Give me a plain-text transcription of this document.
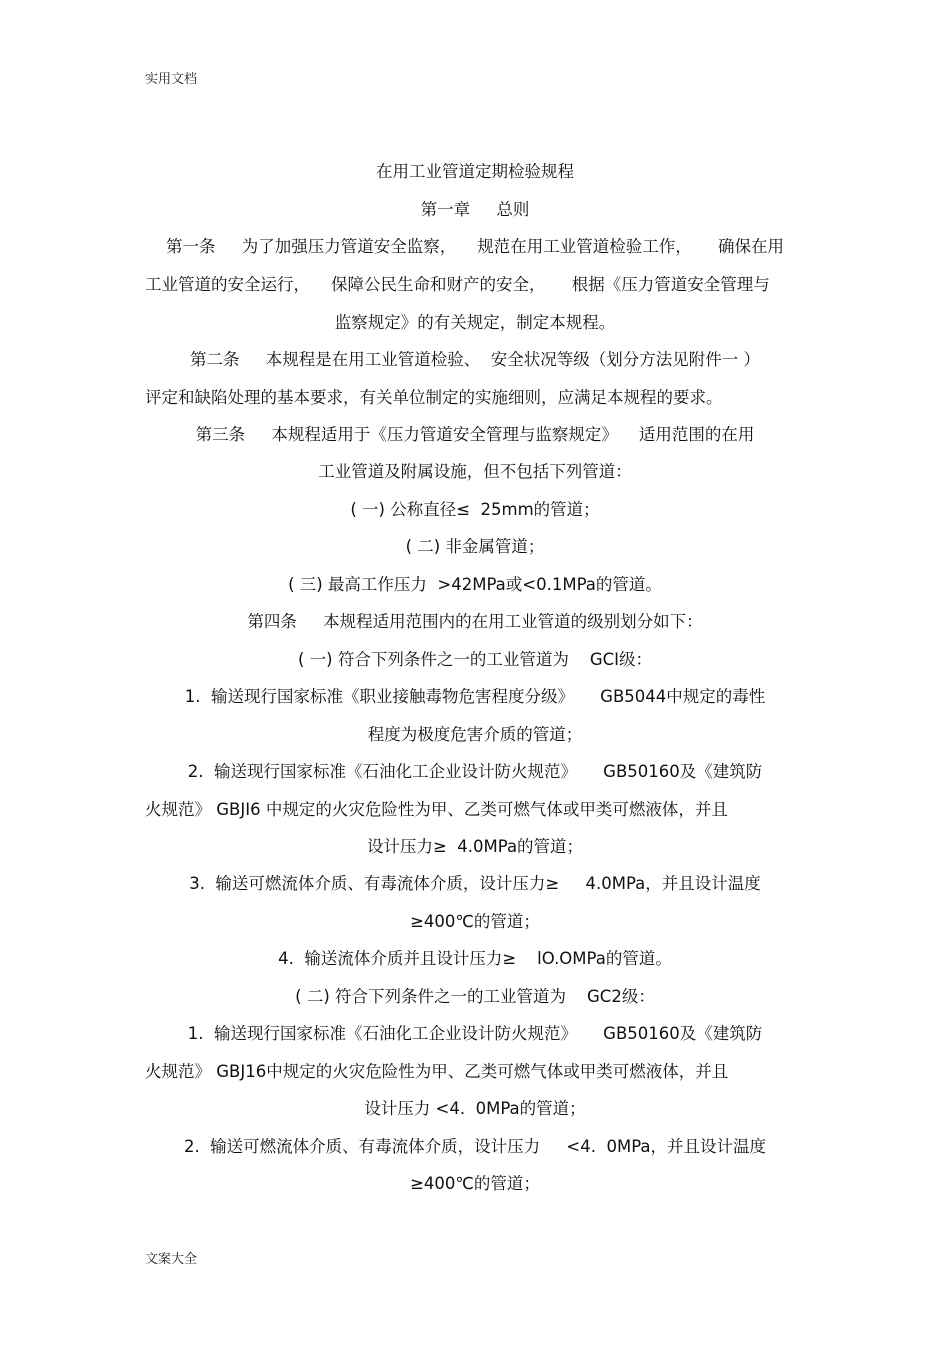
实用文档
在用工业管道定期检验规程
第一章     总则
第一条     为了加强压力管道安全监察，    规范在用工业管道检验工作，     确保在用
工业管道的安全运行，    保障公民生命和财产的安全，     根据《压力管道安全管理与
监察规定》的有关规定，制定本规程。
第二条     本规程是在用工业管道检验、  安全状况等级（划分方法见附件一 ）
评定和缺陷处理的基本要求，有关单位制定的实施细则，应满足本规程的要求。
第三条     本规程适用于《压力管道安全管理与监察规定》    适用范围的在用
工业管道及附属设施，但不包括下列管道：
( 一) 公称直径≤  25mm的管道；
( 二) 非金属管道；
( 三) 最高工作压力  >42MPa或<0.1MPa的管道。
第四条     本规程适用范围内的在用工业管道的级别划分如下：
( 一) 符合下列条件之一的工业管道为    GCI级：
1.  输送现行国家标准《职业接触毒物危害程度分级》     GB5044中规定的毒性
程度为极度危害介质的管道；
2.  输送现行国家标准《石油化工企业设计防火规范》     GB50160及《建筑防
火规范》 GBJI6 中规定的火灾危险性为甲、乙类可燃气体或甲类可燃液体，并且
设计压力≥  4.0MPa的管道；
3.  输送可燃流体介质、有毒流体介质，设计压力≥     4.0MPa，并且设计温度
≥400℃的管道；
4.  输送流体介质并且设计压力≥    lO.OMPa的管道。
( 二) 符合下列条件之一的工业管道为    GC2级：
1.  输送现行国家标准《石油化工企业设计防火规范》     GB50160及《建筑防
火规范》 GBJ16中规定的火灾危险性为甲、乙类可燃气体或甲类可燃液体，并且
设计压力 <4.  0MPa的管道；
2.  输送可燃流体介质、有毒流体介质，设计压力     <4.  0MPa，并且设计温度
≥400℃的管道；
文案大全
